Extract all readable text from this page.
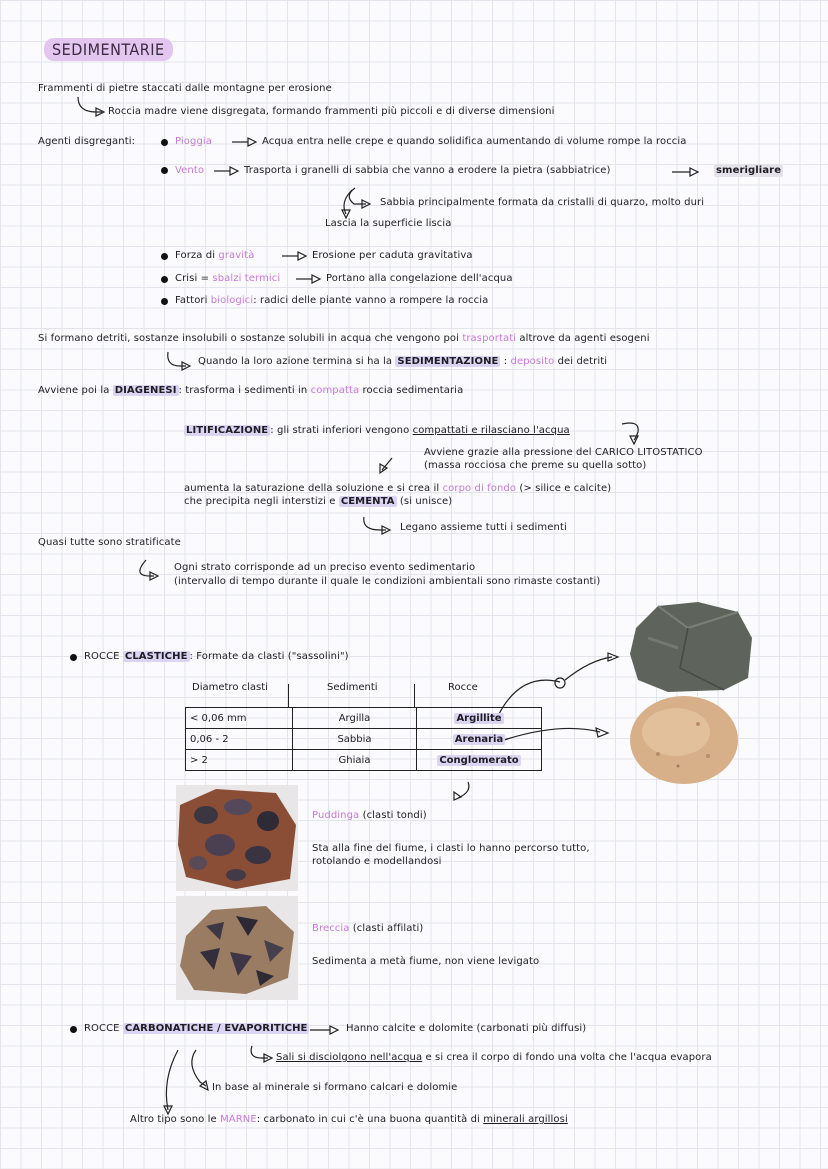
SEDIMENTARIE
Frammenti di pietre staccati dalle montagne per erosione
Roccia madre viene disgregata, formando frammenti più piccoli e di diverse dimensioni
Agenti disgreganti:	Pioggia	Acqua entra nelle crepe e quando solidifica aumentando di volume rompe la roccia
Vento	Trasporta i granelli di sabbia che vanno a erodere la pietra (sabbiatrice)	smerigliare
Sabbia principalmente formata da cristalli di quarzo, molto duri
Lascia la superficie liscia
Forza di gravità	Erosione per caduta gravitativa
Crisi = sbalzi termici	Portano alla congelazione dell'acqua
Fattori biologici: radici delle piante vanno a rompere la roccia
Si formano detriti, sostanze insolubili o sostanze solubili in acqua che vengono poi trasportati altrove da agenti esogeni
Quando la loro azione termina si ha la SEDIMENTAZIONE : deposito dei detriti
Avviene poi la DIAGENESI : trasforma i sedimenti in compatta roccia sedimentaria
LITIFICAZIONE : gli strati inferiori vengono compattati e rilasciano l'acqua
Avviene grazie alla pressione del CARICO LITOSTATICO
(massa rocciosa che preme su quella sotto)
aumenta la saturazione della soluzione e si crea il corpo di fondo (> silice e calcite)
che precipita negli interstizi e CEMENTA (si unisce)
Legano assieme tutti i sedimenti
Quasi tutte sono stratificate
Ogni strato corrisponde ad un preciso evento sedimentario
(intervallo di tempo durante il quale le condizioni ambientali sono rimaste costanti)
ROCCE CLASTICHE : Formate da clasti ("sassolini")
Diametro clasti	Sedimenti	Rocce
< 0,06 mm	Argilla	Argillite
0,06 - 2	Sabbia	Arenaria
> 2	Ghiaia	Conglomerato
Puddinga (clasti tondi)
Sta alla fine del fiume, i clasti lo hanno percorso tutto,
rotolando e modellandosi
Breccia (clasti affilati)
Sedimenta a metà fiume, non viene levigato
ROCCE CARBONATICHE / EVAPORITICHE	Hanno calcite e dolomite (carbonati più diffusi)
Sali si disciolgono nell'acqua e si crea il corpo di fondo una volta che l'acqua evapora
In base al minerale si formano calcari e dolomie
Altro tipo sono le MARNE: carbonato in cui c'è una buona quantità di minerali argillosi
